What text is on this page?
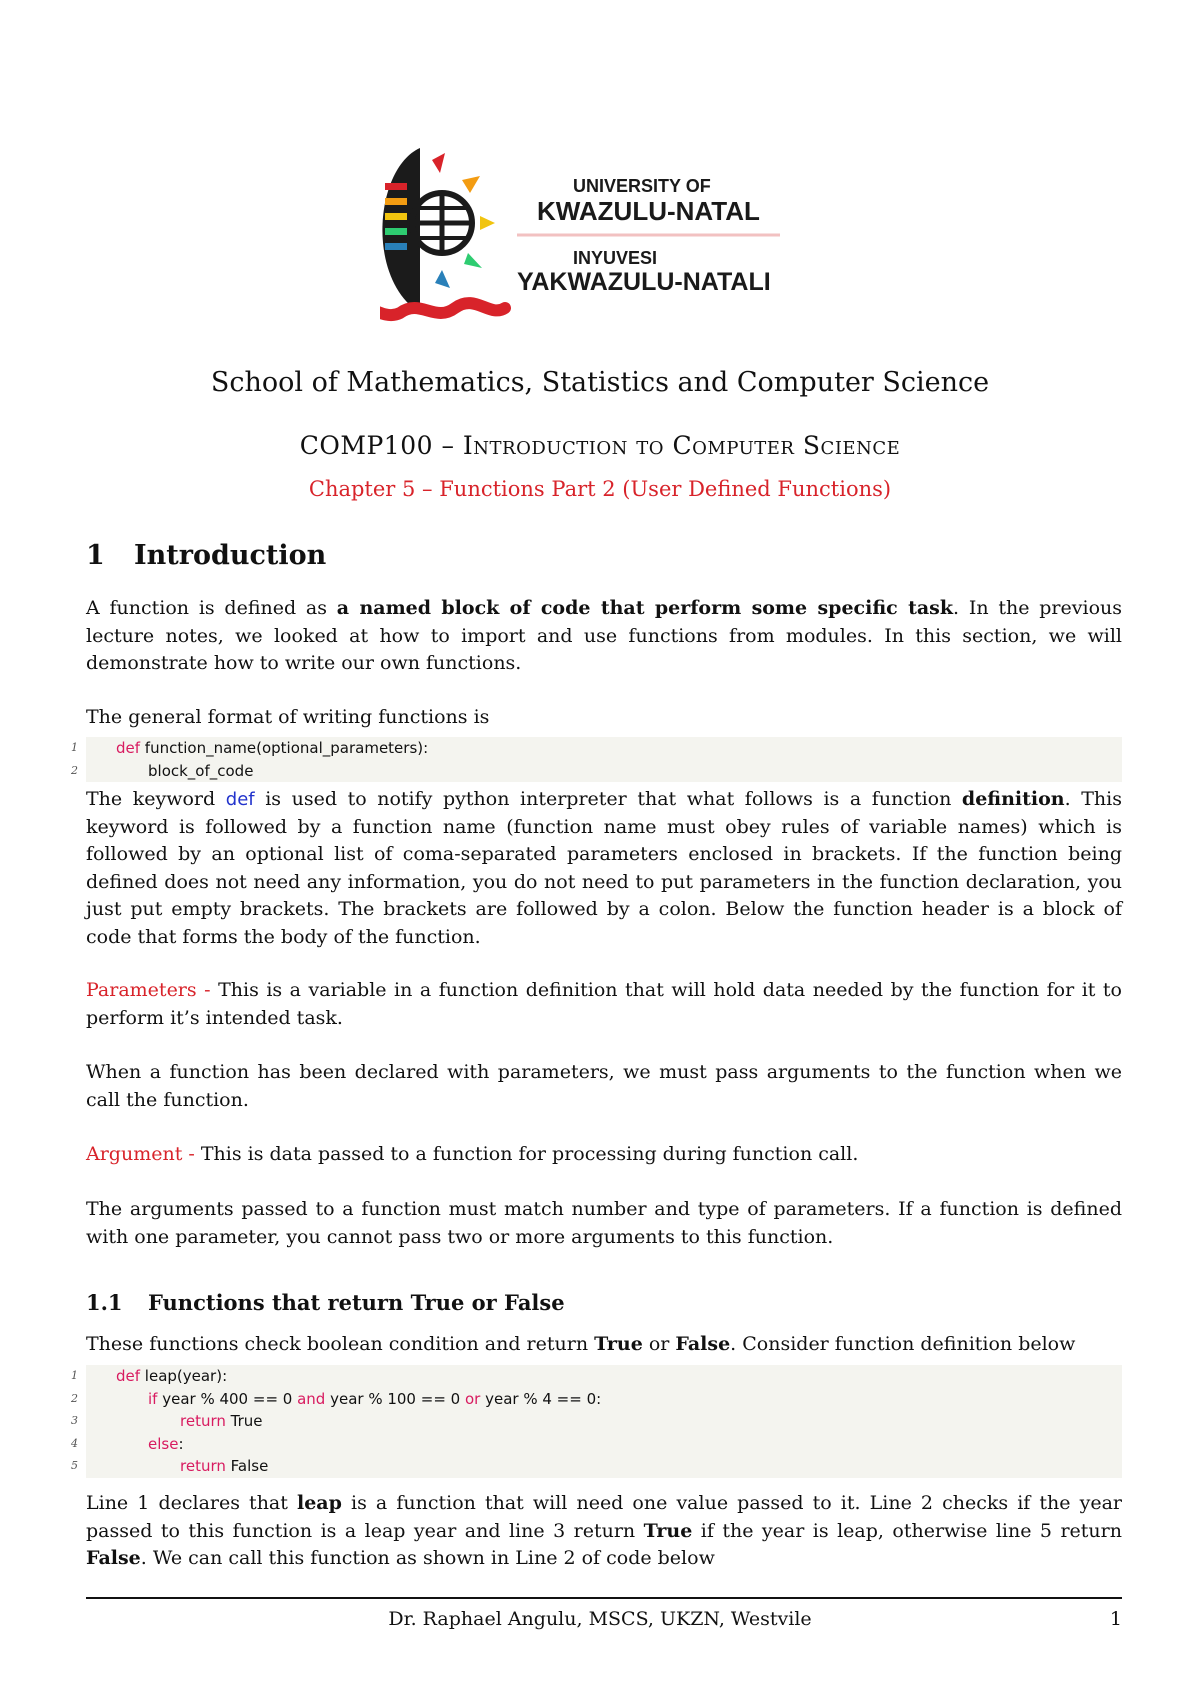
UNIVERSITY OF
KWAZULU-NATAL
INYUVESI
YAKWAZULU-NATALI
School of Mathematics, Statistics and Computer Science
COMP100 – Introduction to Computer Science
Chapter 5 – Functions Part 2 (User Defined Functions)
1 Introduction
A function is defined as a named block of code that perform some specific task. In the previous lecture notes, we looked at how to import and use functions from modules. In this section, we will demonstrate how to write our own functions.
The general format of writing functions is
1	def function_name(optional_parameters):
2	block_of_code
The keyword def is used to notify python interpreter that what follows is a function definition. This keyword is followed by a function name (function name must obey rules of variable names) which is followed by an optional list of coma-separated parameters enclosed in brackets. If the function being defined does not need any information, you do not need to put parameters in the function declaration, you just put empty brackets. The brackets are followed by a colon. Below the function header is a block of code that forms the body of the function.
Parameters - This is a variable in a function definition that will hold data needed by the function for it to perform it’s intended task.
When a function has been declared with parameters, we must pass arguments to the function when we call the function.
Argument - This is data passed to a function for processing during function call.
The arguments passed to a function must match number and type of parameters. If a function is defined with one parameter, you cannot pass two or more arguments to this function.
1.1 Functions that return True or False
These functions check boolean condition and return True or False. Consider function definition below
1	def leap(year):
2	if year % 400 == 0 and year % 100 == 0 or year % 4 == 0:
3	return True
4	else:
5	return False
Line 1 declares that leap is a function that will need one value passed to it. Line 2 checks if the year passed to this function is a leap year and line 3 return True if the year is leap, otherwise line 5 return False. We can call this function as shown in Line 2 of code below
Dr. Raphael Angulu, MSCS, UKZN, Westvile	1
